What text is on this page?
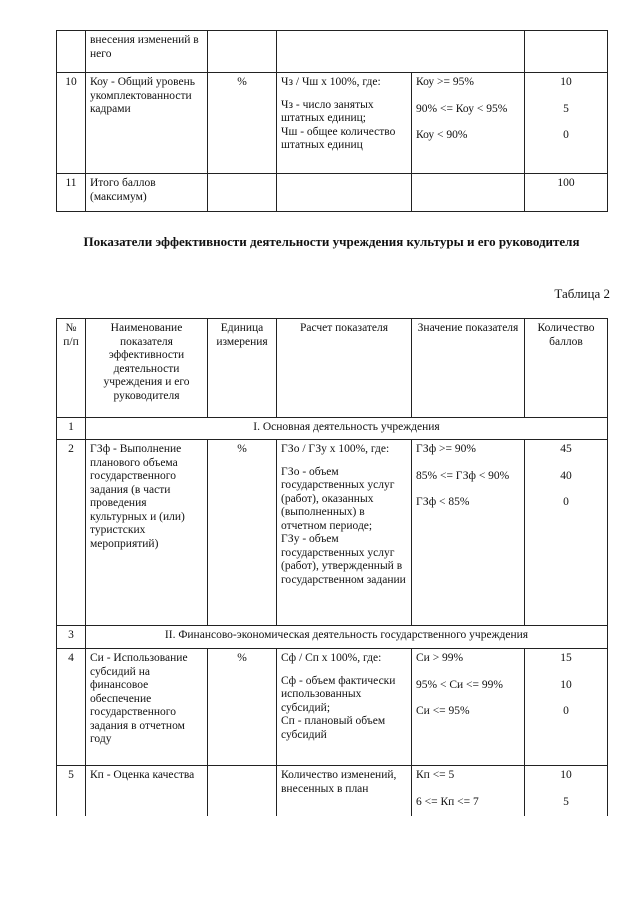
	внесения изменений в него				
10	Коу - Общий уровень укомплектованности кадрами	%	Чз / Чш х 100%, где:
Чз - число занятых штатных единиц;
Чш - общее количество штатных единиц	Коу >= 95%
90% <= Коу < 95%
Коу < 90%	10
5
0

11	Итого баллов (максимум)				100
Показатели эффективности деятельности учреждения культуры и его руководителя
Таблица 2
№ п/п	Наименование показателя эффективности деятельности учреждения и его руководителя	Единица измерения	Расчет показателя	Значение показателя	Количество баллов
1	I. Основная деятельность учреждения				
2	ГЗф - Выполнение планового объема государственного задания (в части проведения культурных и (или) туристских мероприятий)	%	ГЗо / ГЗу х 100%, где:
ГЗо - объем государственных услуг (работ), оказанных (выполненных) в отчетном периоде;
ГЗу - объем государственных услуг (работ), утвержденный в государственном задании	ГЗф >= 90%
85% <= ГЗф < 90%
ГЗф < 85%	45
40
0

3	II. Финансово-экономическая деятельность государственного учреждения				
4	Си - Использование субсидий на финансовое обеспечение государственного задания в отчетном году	%	Сф / Сп х 100%, где:
Сф - объем фактически использованных субсидий;
Сп - плановый объем субсидий	Си > 99%
95% < Си <= 99%
Си <= 95%	15
10
0

5	Кп - Оценка качества		Количество изменений, внесенных в план	Кп <= 5
6 <= Кп <= 7	10
5
